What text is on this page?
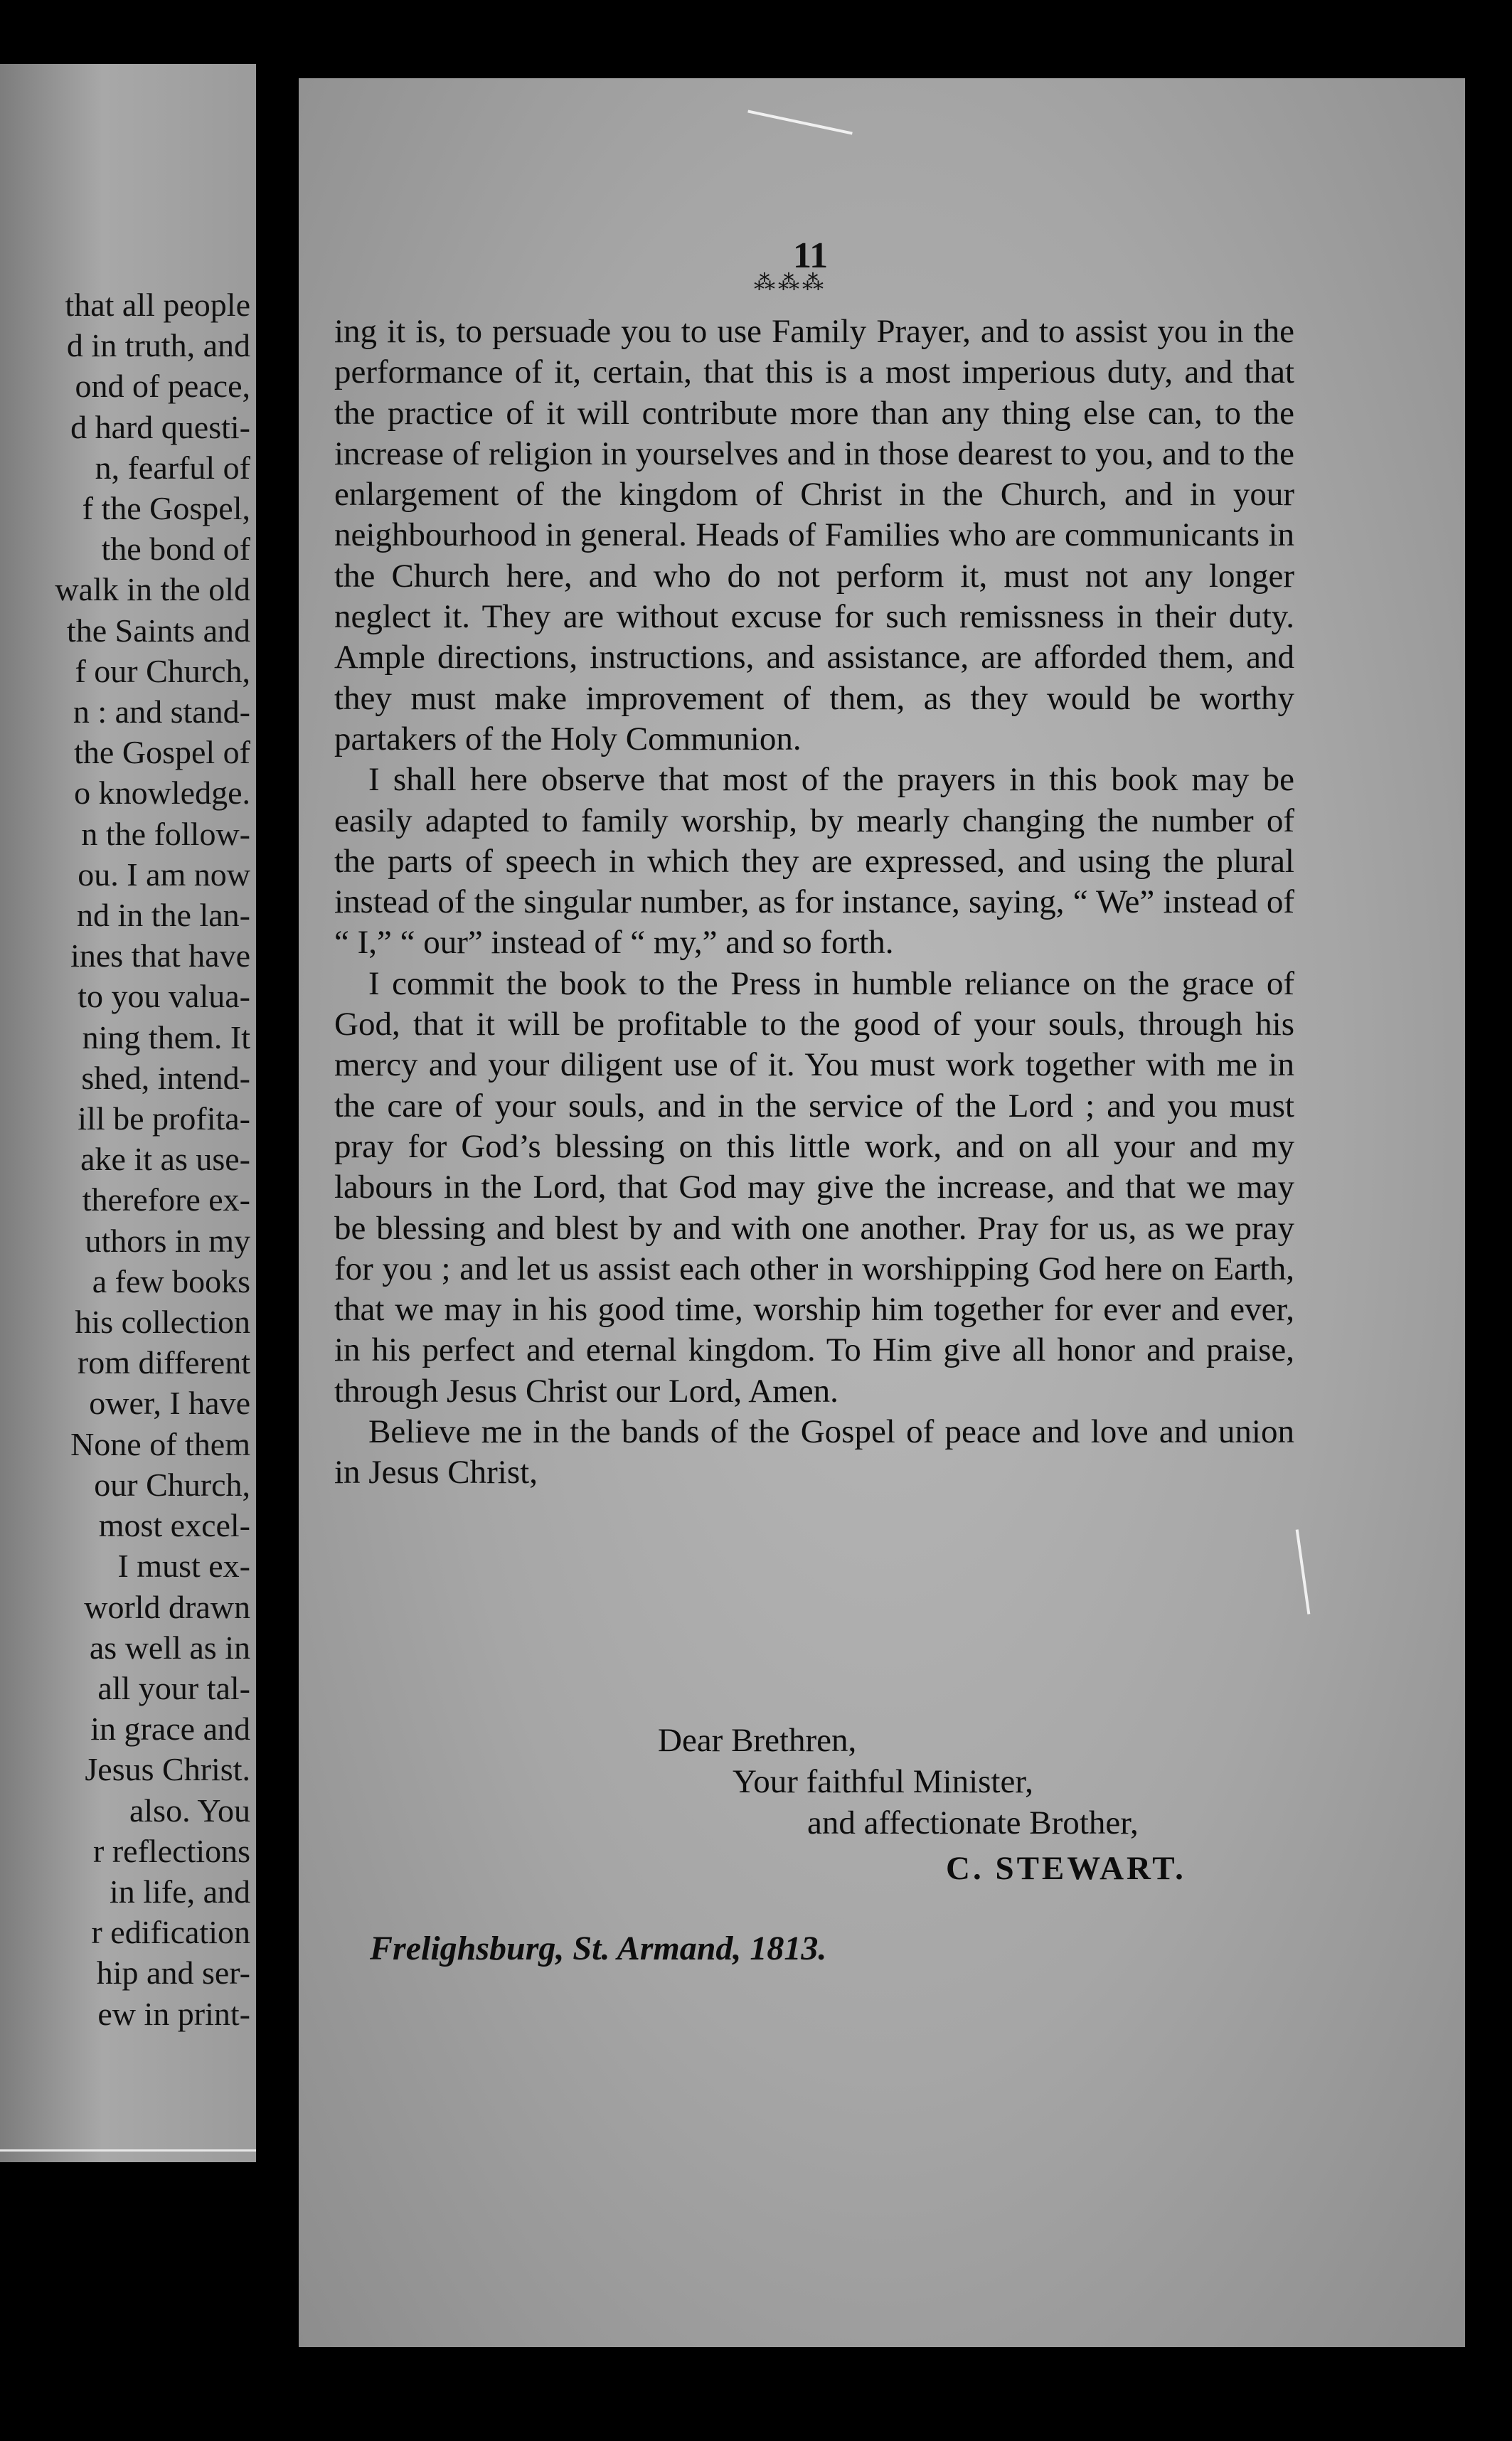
that all people
d in truth, and
ond of peace,
d hard questi-
n, fearful of
f the Gospel,
the bond of
walk in the old
the Saints and
f our Church,
n : and stand-
the Gospel of
o knowledge.
n the follow-
ou. I am now
nd in the lan-
ines that have
to you valua-
ning them. It
shed, intend-
ill be profita-
ake it as use-
therefore ex-
uthors in my
a few books
his collection
rom different
ower, I have
None of them
our Church,
most excel-
I must ex-
world drawn
as well as in
all your tal-
in grace and
Jesus Christ.
also. You
r reflections
in life, and
r edification
hip and ser-
ew in print-
11
⁂⁂⁂

ing it is, to persuade you to use Family Prayer, and to assist you in the performance of it, certain, that this is a most imperious duty, and that the practice of it will contribute more than any thing else can, to the increase of religion in yourselves and in those dearest to you, and to the enlargement of the kingdom of Christ in the Church, and in your neighbourhood in general. Heads of Families who are communicants in the Church here, and who do not perform it, must not any longer neglect it. They are without excuse for such remissness in their duty. Ample directions, instructions, and assistance, are afforded them, and they must make improvement of them, as they would be worthy partakers of the Holy Communion.

I shall here observe that most of the prayers in this book may be easily adapted to family worship, by mearly changing the number of the parts of speech in which they are expressed, and using the plural instead of the singular number, as for instance, saying, “ We” instead of “ I,” “ our” instead of “ my,” and so forth.

I commit the book to the Press in humble reliance on the grace of God, that it will be profitable to the good of your souls, through his mercy and your diligent use of it. You must work together with me in the care of your souls, and in the service of the Lord ; and you must pray for God’s blessing on this little work, and on all your and my labours in the Lord, that God may give the increase, and that we may be blessing and blest by and with one another. Pray for us, as we pray for you ; and let us assist each other in worshipping God here on Earth, that we may in his good time, worship him together for ever and ever, in his perfect and eternal kingdom. To Him give all honor and praise, through Jesus Christ our Lord, Amen.

Believe me in the bands of the Gospel of peace and love and union in Jesus Christ,

Dear Brethren,
Your faithful Minister,
and affectionate Brother,
C. STEWART.
Frelighsburg, St. Armand, 1813.
